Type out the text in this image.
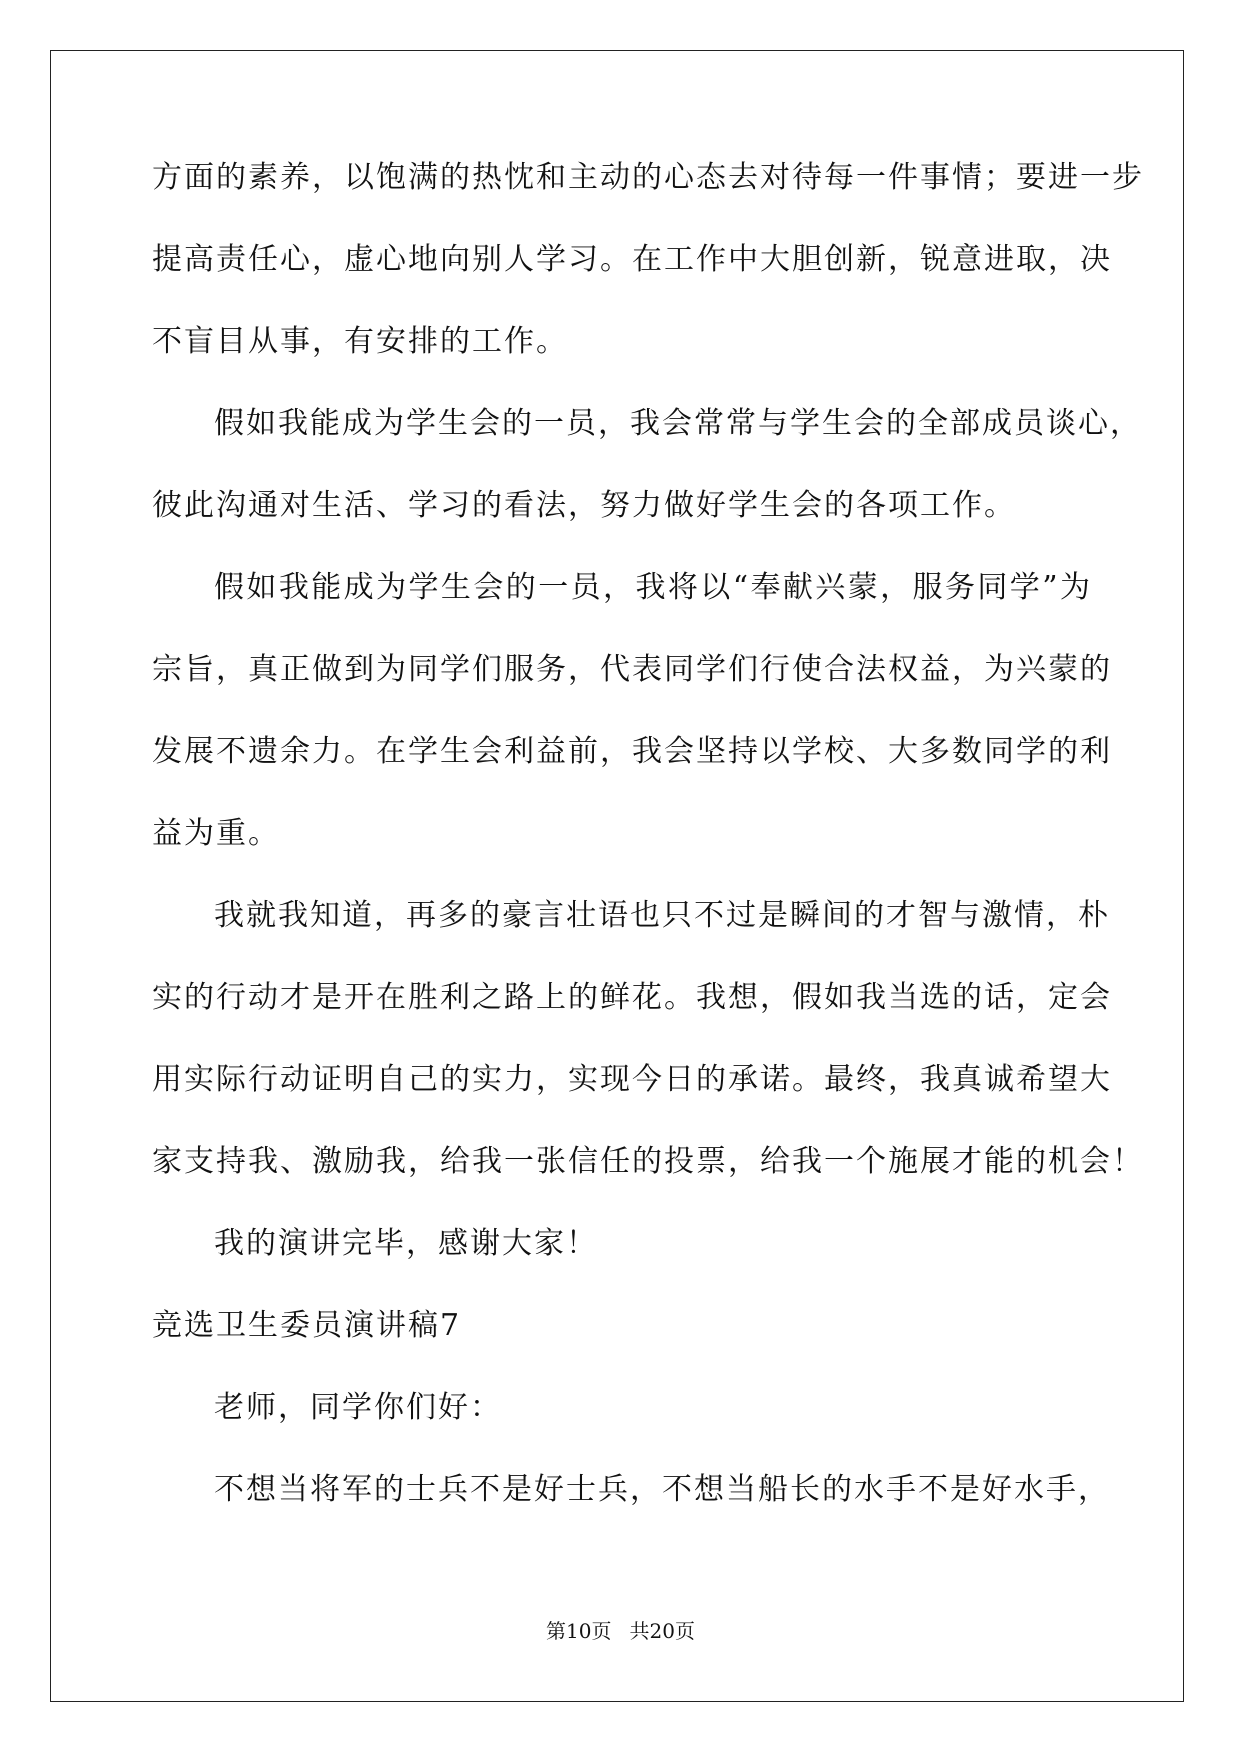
方面的素养，以饱满的热忱和主动的心态去对待每一件事情；要进一步
提高责任心，虚心地向别人学习。在工作中大胆创新，锐意进取，决
不盲目从事，有安排的工作。
假如我能成为学生会的一员，我会常常与学生会的全部成员谈心，
彼此沟通对生活、学习的看法，努力做好学生会的各项工作。
假如我能成为学生会的一员，我将以“奉献兴蒙，服务同学”为
宗旨，真正做到为同学们服务，代表同学们行使合法权益，为兴蒙的
发展不遗余力。在学生会利益前，我会坚持以学校、大多数同学的利
益为重。
我就我知道，再多的豪言壮语也只不过是瞬间的才智与激情，朴
实的行动才是开在胜利之路上的鲜花。我想，假如我当选的话，定会
用实际行动证明自己的实力，实现今日的承诺。最终，我真诚希望大
家支持我、激励我，给我一张信任的投票，给我一个施展才能的机会！
我的演讲完毕，感谢大家！
竞选卫生委员演讲稿7
老师，同学你们好：
不想当将军的士兵不是好士兵，不想当船长的水手不是好水手，
第10页 共20页
